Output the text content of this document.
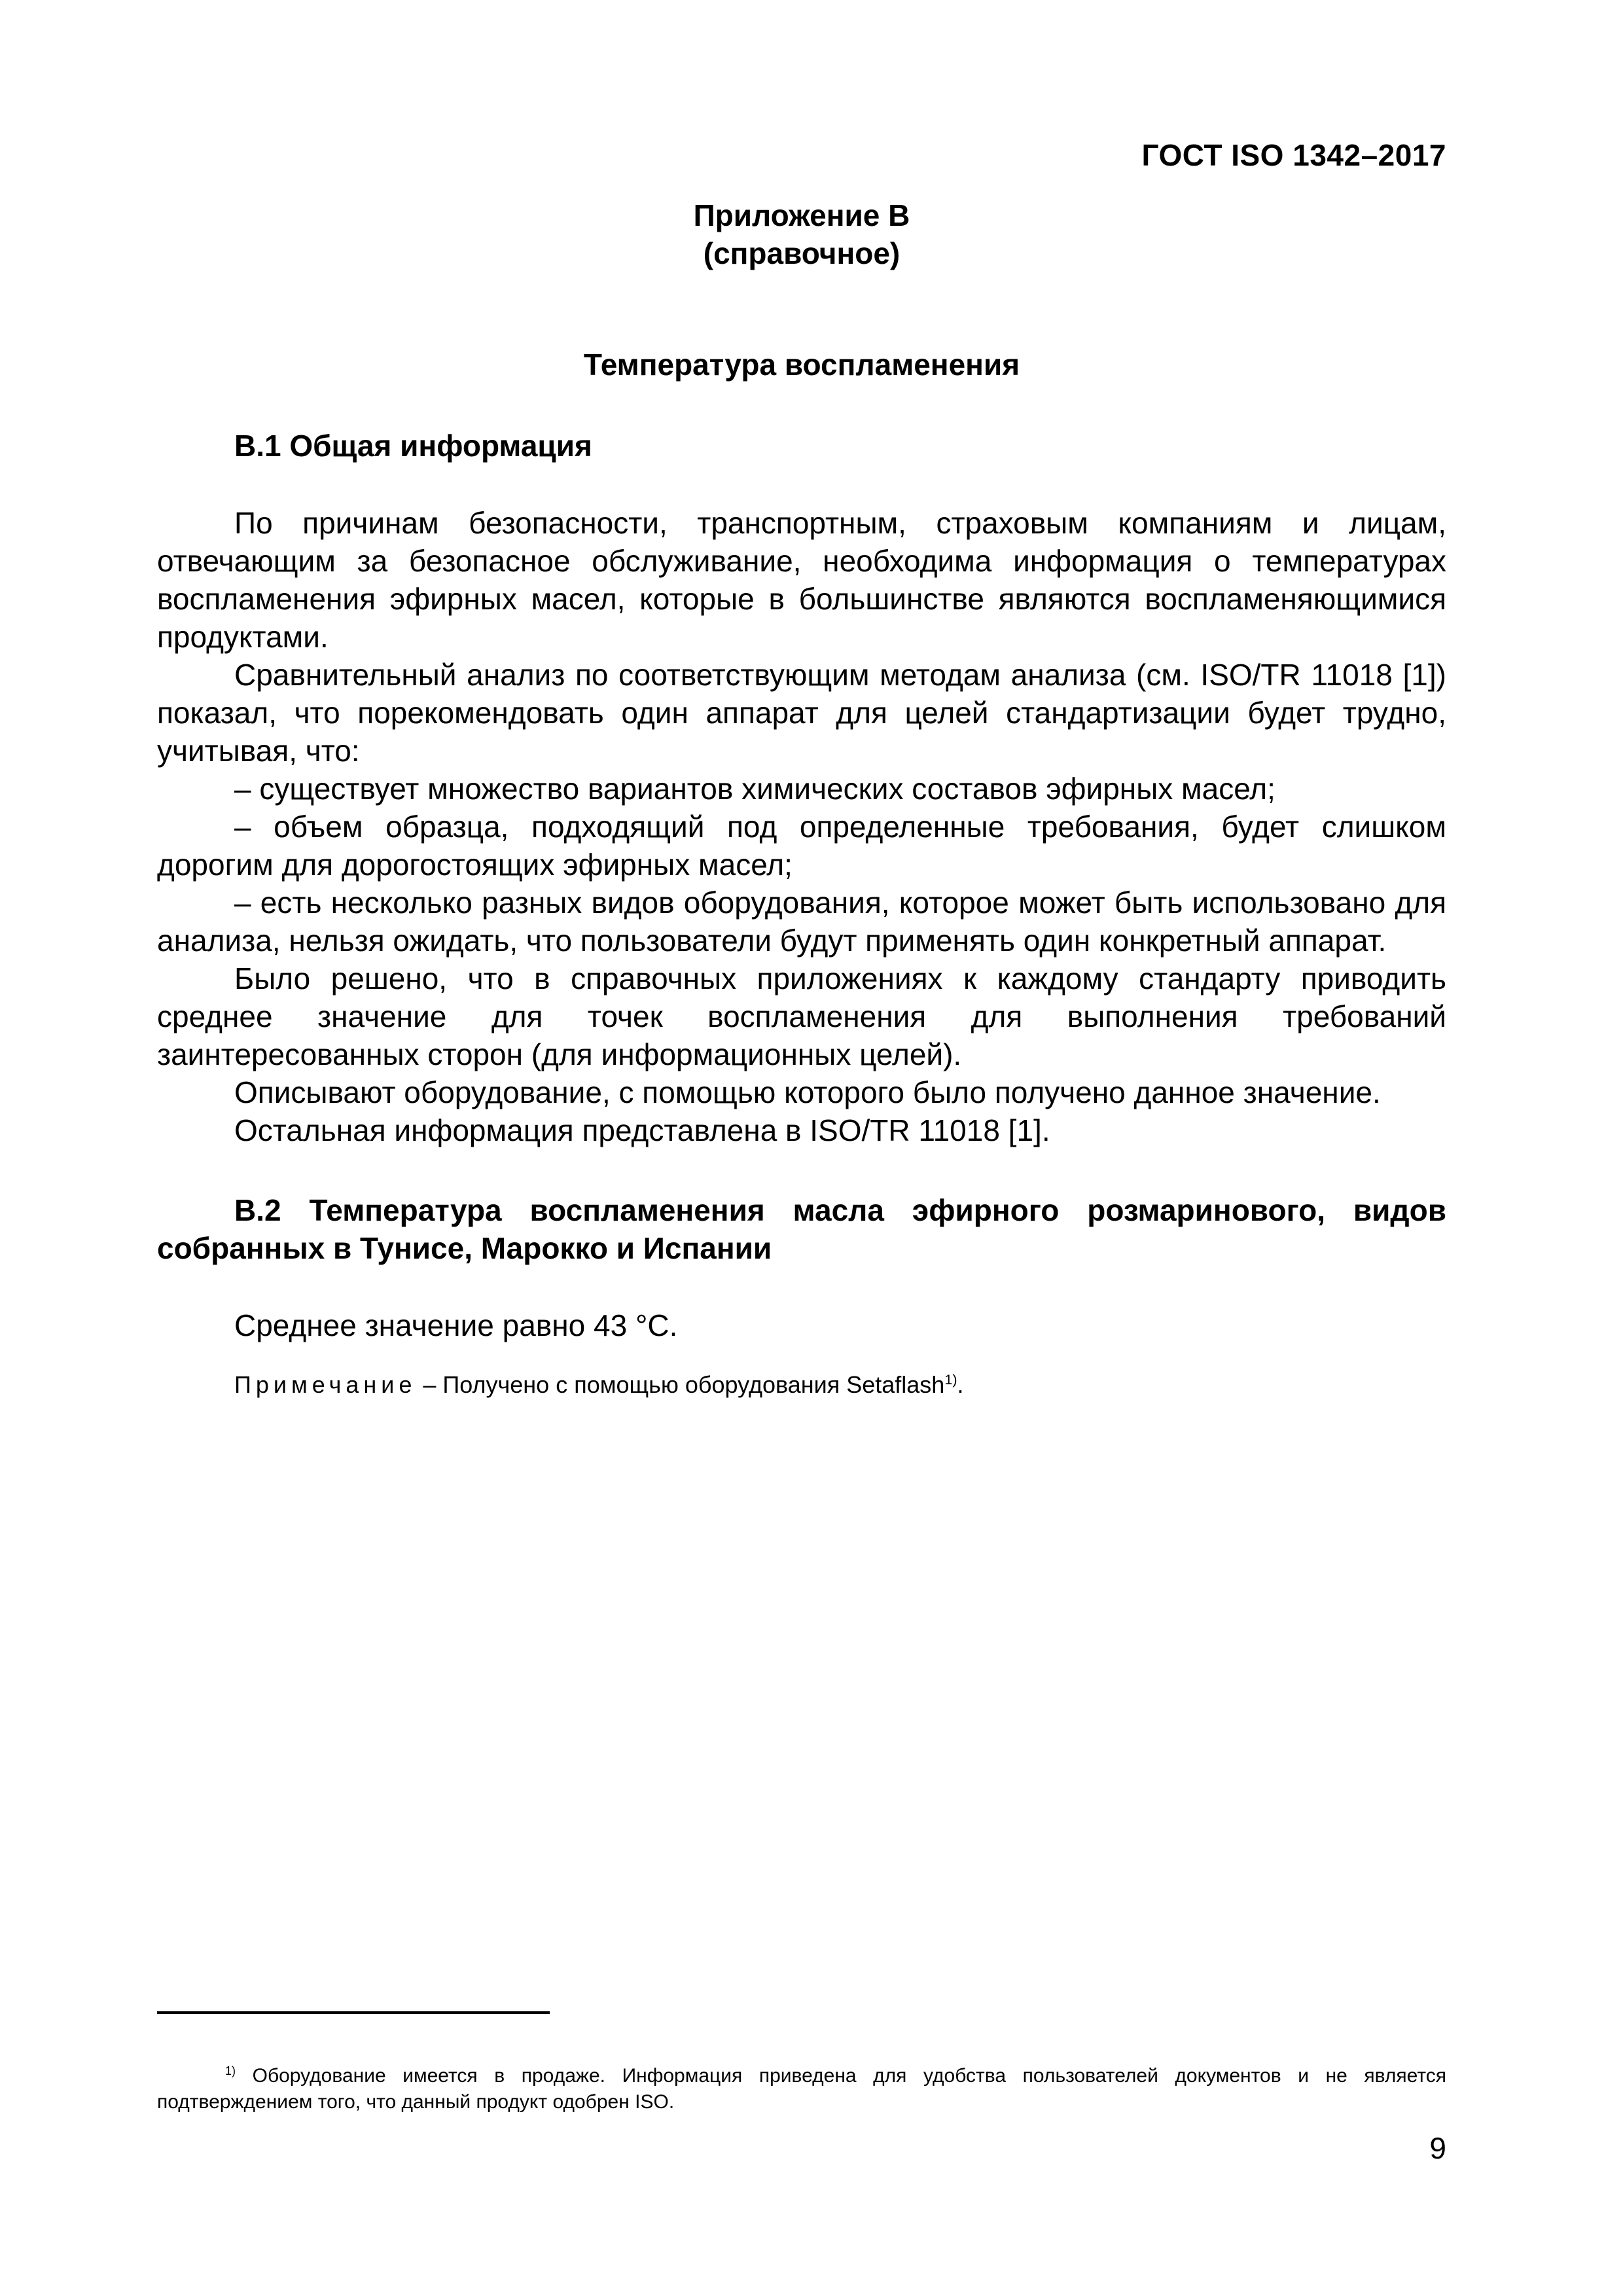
ГОСТ ISO 1342–2017
Приложение В
(справочное)
Температура воспламенения

В.1 Общая информация

По причинам безопасности, транспортным, страховым компаниям и лицам, отвечающим за безопасное обслуживание, необходима информация о температурах воспламенения эфирных масел, которые в большинстве являются воспламеняющимися продуктами.

Сравнительный анализ по соответствующим методам анализа (см. ISO/TR 11018 [1]) показал, что порекомендовать один аппарат для целей стандартизации будет трудно, учитывая, что:

– существует множество вариантов химических составов эфирных масел;

– объем образца, подходящий под определенные требования, будет слишком дорогим для дорогостоящих эфирных масел;

– есть несколько разных видов оборудования, которое может быть использовано для анализа, нельзя ожидать, что пользователи будут применять один конкретный аппарат.

Было решено, что в справочных приложениях к каждому стандарту приводить среднее значение для точек воспламенения для выполнения требований заинтересованных сторон (для информационных целей).

Описывают оборудование, с помощью которого было получено данное значение.

Остальная информация представлена в ISO/TR 11018 [1].

В.2 Температура воспламенения масла эфирного розмаринового, видов собранных в Тунисе, Марокко и Испании

Среднее значение равно 43 °С.

Примечание – Получено с помощью оборудования Setaflash$^{1)}$.

$^{1)}$ Оборудование имеется в продаже. Информация приведена для удобства пользователей документов и не является подтверждением того, что данный продукт одобрен ISO.

9
